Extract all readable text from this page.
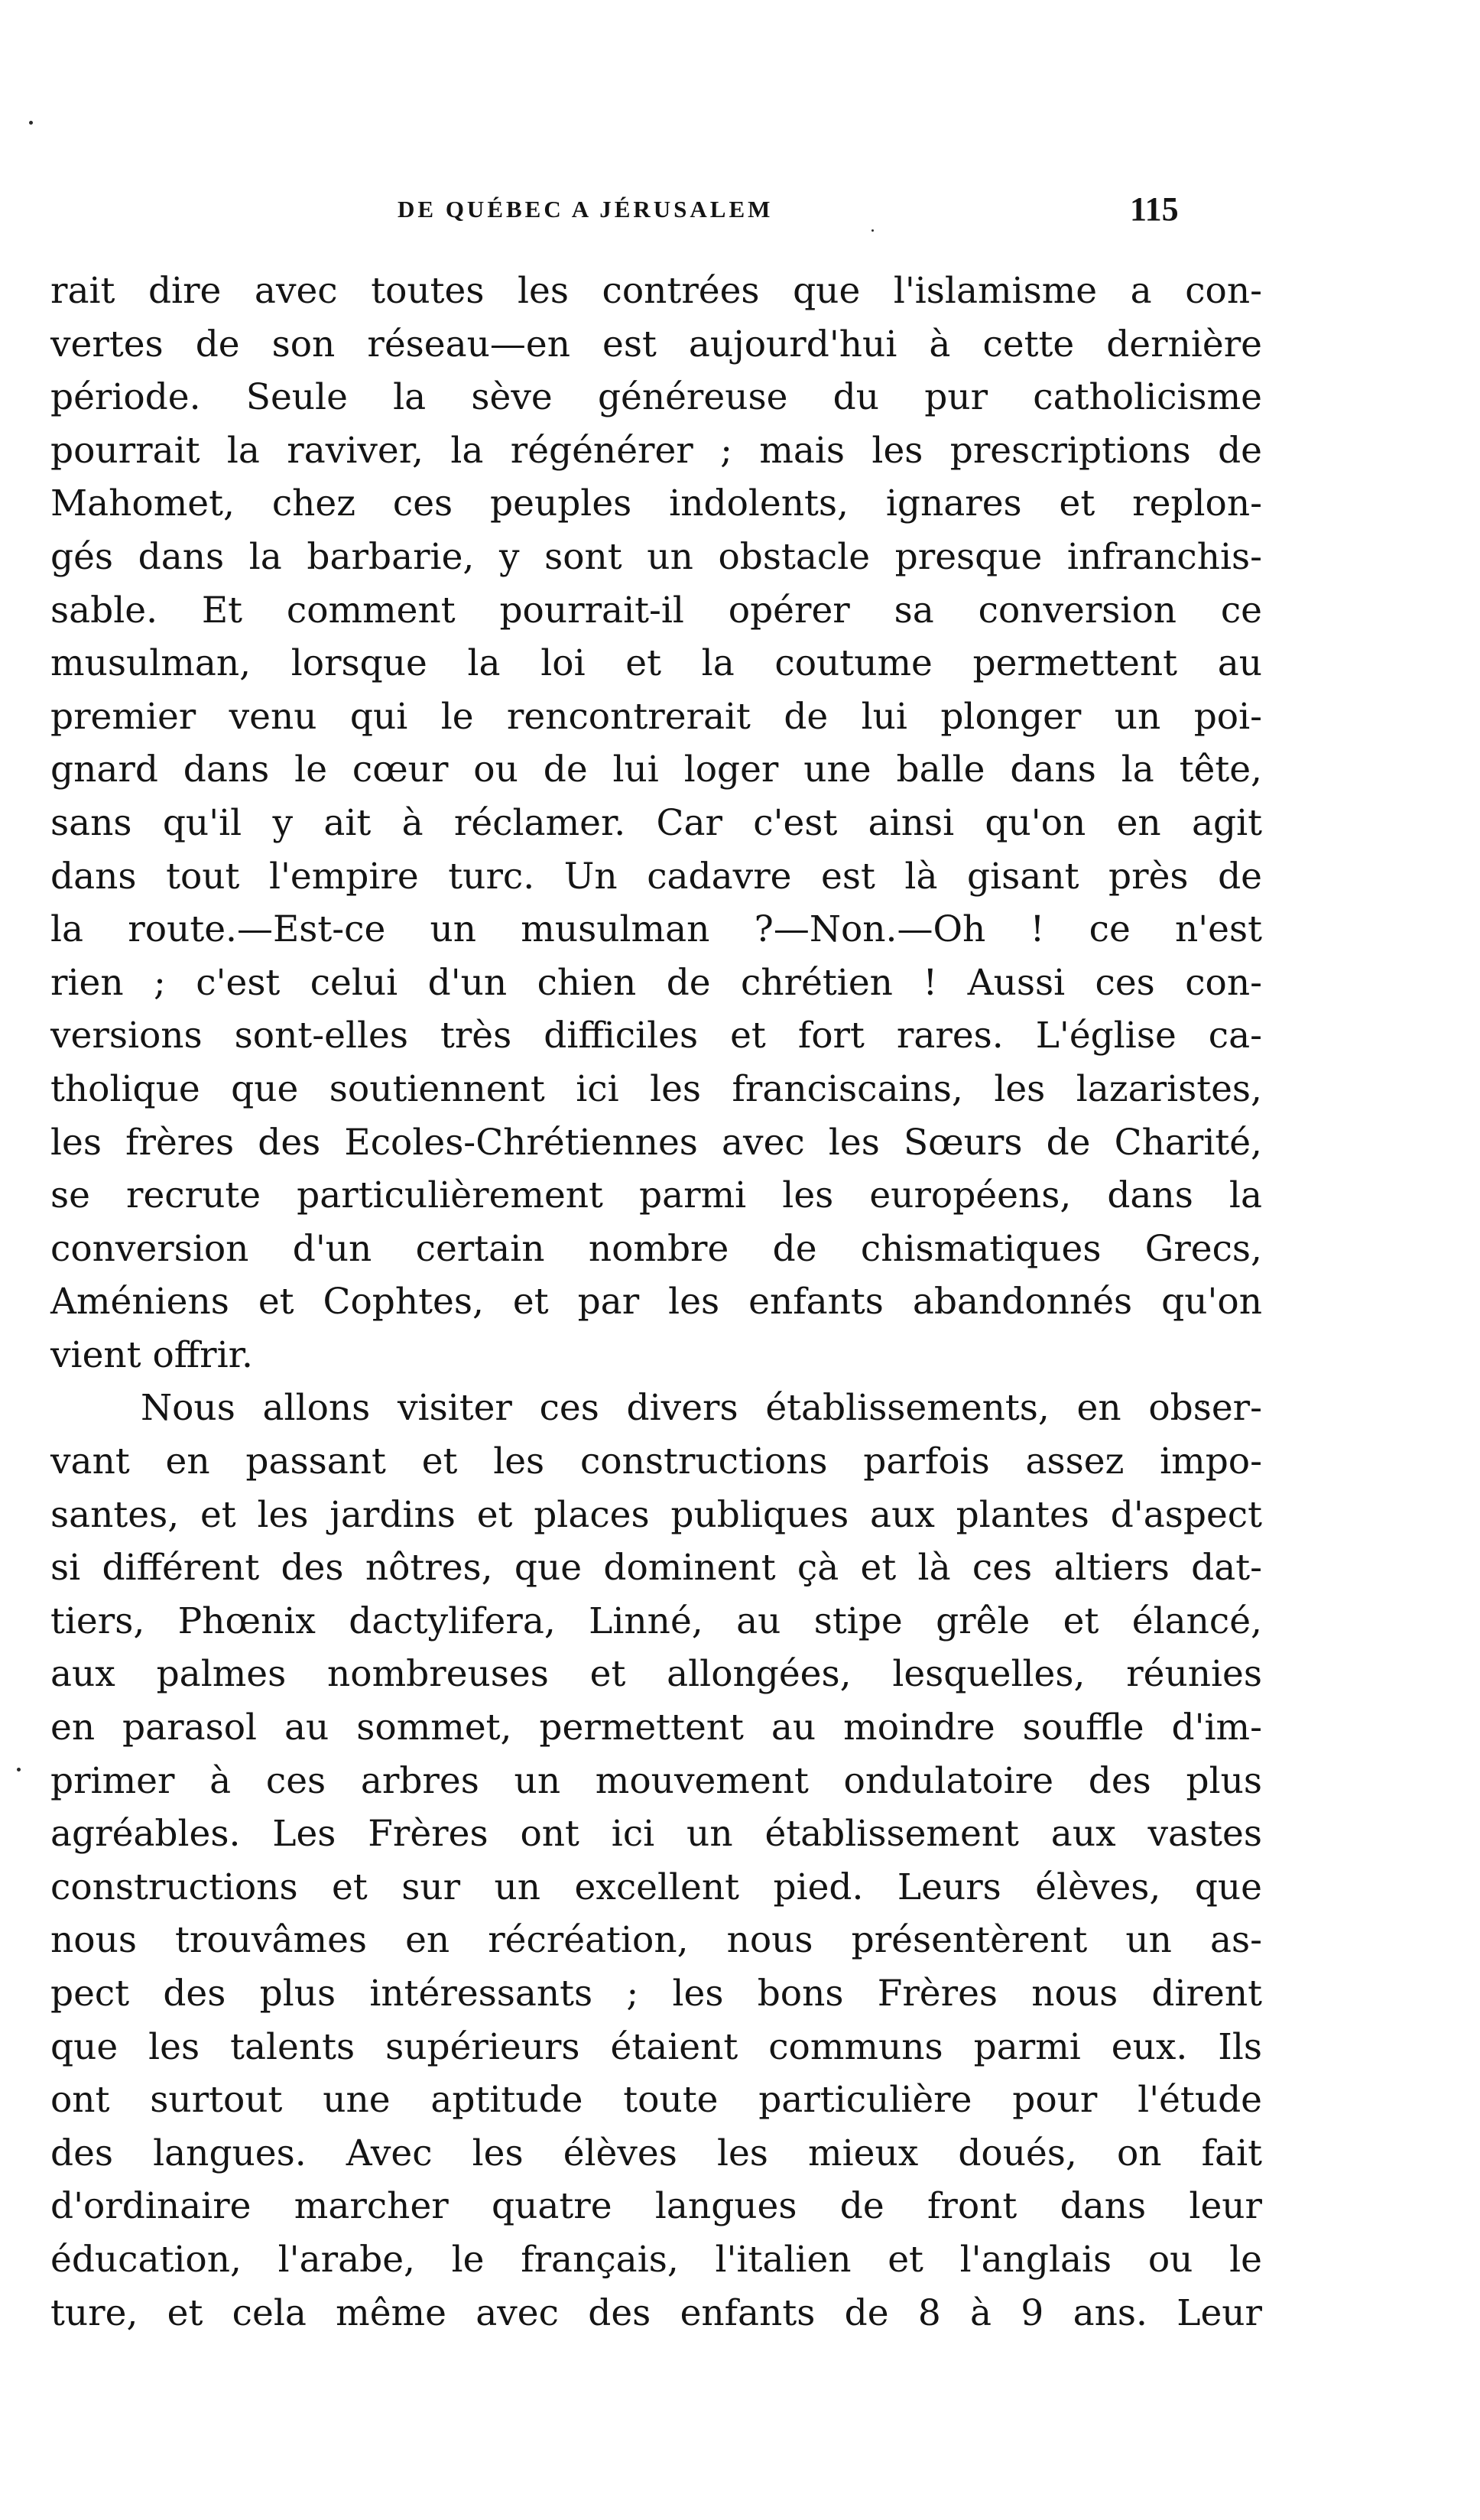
DE QUÉBEC A JÉRUSALEM	115
rait dire avec toutes les contrées que l'islamisme a con-
vertes de son réseau—en est aujourd'hui à cette dernière
période. Seule la sève généreuse du pur catholicisme
pourrait la raviver, la régénérer ; mais les prescriptions de
Mahomet, chez ces peuples indolents, ignares et replon-
gés dans la barbarie, y sont un obstacle presque infranchis-
sable. Et comment pourrait-il opérer sa conversion ce
musulman, lorsque la loi et la coutume permettent au
premier venu qui le rencontrerait de lui plonger un poi-
gnard dans le cœur ou de lui loger une balle dans la tête,
sans qu'il y ait à réclamer. Car c'est ainsi qu'on en agit
dans tout l'empire turc. Un cadavre est là gisant près de
la route.—Est-ce un musulman ?—Non.—Oh ! ce n'est
rien ; c'est celui d'un chien de chrétien ! Aussi ces con-
versions sont-elles très difficiles et fort rares. L'église ca-
tholique que soutiennent ici les franciscains, les lazaristes,
les frères des Ecoles-Chrétiennes avec les Sœurs de Charité,
se recrute particulièrement parmi les européens, dans la
conversion d'un certain nombre de chismatiques Grecs,
Améniens et Cophtes, et par les enfants abandonnés qu'on
vient offrir.
Nous allons visiter ces divers établissements, en obser-
vant en passant et les constructions parfois assez impo-
santes, et les jardins et places publiques aux plantes d'aspect
si différent des nôtres, que dominent çà et là ces altiers dat-
tiers, Phœnix dactylifera, Linné, au stipe grêle et élancé,
aux palmes nombreuses et allongées, lesquelles, réunies
en parasol au sommet, permettent au moindre souffle d'im-
primer à ces arbres un mouvement ondulatoire des plus
agréables. Les Frères ont ici un établissement aux vastes
constructions et sur un excellent pied. Leurs élèves, que
nous trouvâmes en récréation, nous présentèrent un as-
pect des plus intéressants ; les bons Frères nous dirent
que les talents supérieurs étaient communs parmi eux. Ils
ont surtout une aptitude toute particulière pour l'étude
des langues. Avec les élèves les mieux doués, on fait
d'ordinaire marcher quatre langues de front dans leur
éducation, l'arabe, le français, l'italien et l'anglais ou le
ture, et cela même avec des enfants de 8 à 9 ans. Leur
